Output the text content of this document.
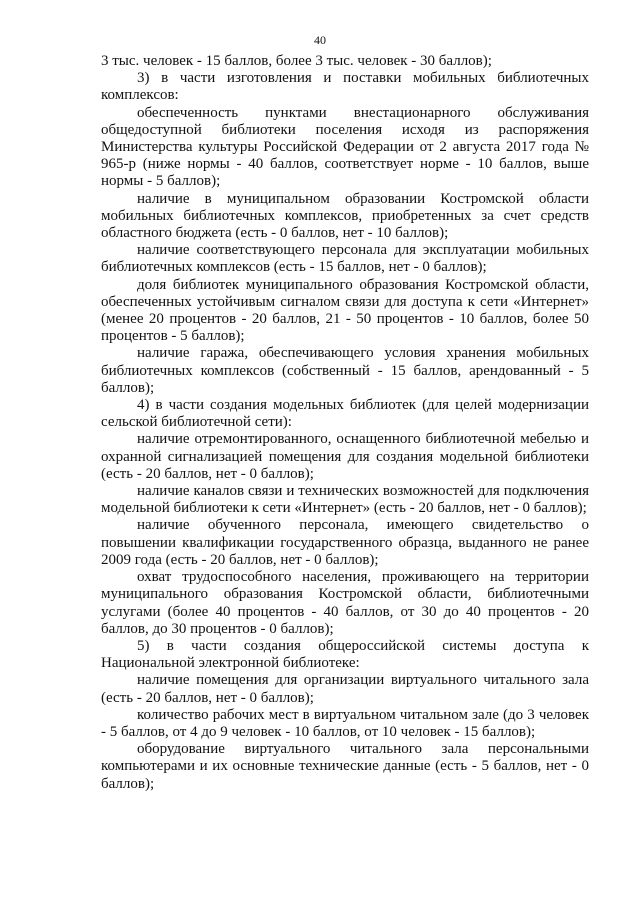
40

3 тыс. человек - 15 баллов, более 3 тыс. человек - 30 баллов);

3) в части изготовления и поставки мобильных библиотечных комплексов:

обеспеченность пунктами внестационарного обслуживания общедоступной библиотеки поселения исходя из распоряжения Министерства культуры Российской Федерации от 2 августа 2017 года № 965-р (ниже нормы - 40 баллов, соответствует норме - 10 баллов, выше нормы - 5 баллов);

наличие в муниципальном образовании Костромской области мобильных библиотечных комплексов, приобретенных за счет средств областного бюджета (есть - 0 баллов, нет - 10 баллов);

наличие соответствующего персонала для эксплуатации мобильных библиотечных комплексов (есть - 15 баллов, нет - 0 баллов);

доля библиотек муниципального образования Костромской области, обеспеченных устойчивым сигналом связи для доступа к сети «Интернет» (менее 20 процентов - 20 баллов, 21 - 50 процентов - 10 баллов, более 50 процентов - 5 баллов);

наличие гаража, обеспечивающего условия хранения мобильных библиотечных комплексов (собственный - 15 баллов, арендованный - 5 баллов);

4) в части создания модельных библиотек (для целей модернизации сельской библиотечной сети):

наличие отремонтированного, оснащенного библиотечной мебелью и охранной сигнализацией помещения для создания модельной библиотеки (есть - 20 баллов, нет - 0 баллов);

наличие каналов связи и технических возможностей для подключения модельной библиотеки к сети «Интернет» (есть - 20 баллов, нет - 0 баллов);

наличие обученного персонала, имеющего свидетельство о повышении квалификации государственного образца, выданного не ранее 2009 года (есть - 20 баллов, нет - 0 баллов);

охват трудоспособного населения, проживающего на территории муниципального образования Костромской области, библиотечными услугами (более 40 процентов - 40 баллов, от 30 до 40 процентов - 20 баллов, до 30 процентов - 0 баллов);

5) в части создания общероссийской системы доступа к Национальной электронной библиотеке:

наличие помещения для организации виртуального читального зала (есть - 20 баллов, нет - 0 баллов);

количество рабочих мест в виртуальном читальном зале (до 3 человек - 5 баллов, от 4 до 9 человек - 10 баллов, от 10 человек - 15 баллов);

оборудование виртуального читального зала персональными компьютерами и их основные технические данные (есть - 5 баллов, нет - 0 баллов);
